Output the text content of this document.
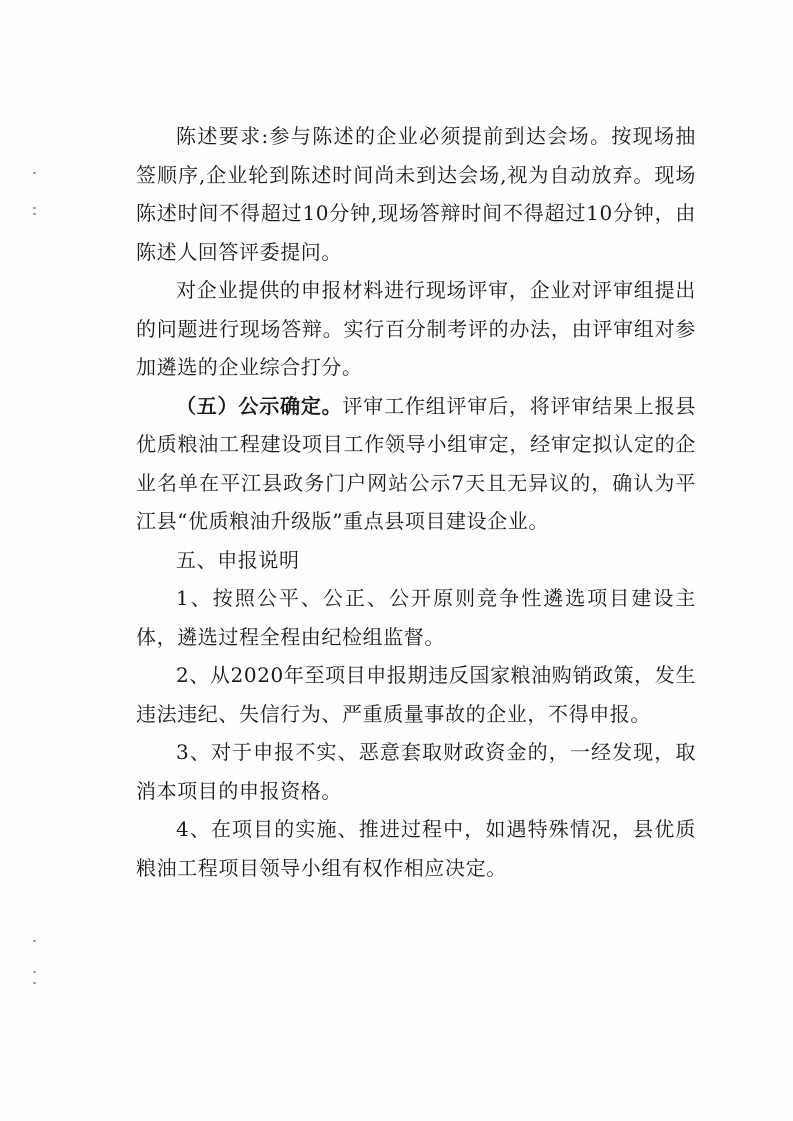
陈述要求:参与陈述的企业必须提前到达会场。按现场抽签顺序,企业轮到陈述时间尚未到达会场,视为自动放弃。现场陈述时间不得超过10分钟,现场答辩时间不得超过10分钟，由陈述人回答评委提问。

对企业提供的申报材料进行现场评审，企业对评审组提出的问题进行现场答辩。实行百分制考评的办法，由评审组对参加遴选的企业综合打分。

（五）公示确定。评审工作组评审后，将评审结果上报县优质粮油工程建设项目工作领导小组审定，经审定拟认定的企业名单在平江县政务门户网站公示7天且无异议的，确认为平江县“优质粮油升级版”重点县项目建设企业。

五、申报说明

1、按照公平、公正、公开原则竞争性遴选项目建设主体，遴选过程全程由纪检组监督。

2、从2020年至项目申报期违反国家粮油购销政策，发生违法违纪、失信行为、严重质量事故的企业，不得申报。

3、对于申报不实、恶意套取财政资金的，一经发现，取消本项目的申报资格。

4、在项目的实施、推进过程中，如遇特殊情况，县优质粮油工程项目领导小组有权作相应决定。
